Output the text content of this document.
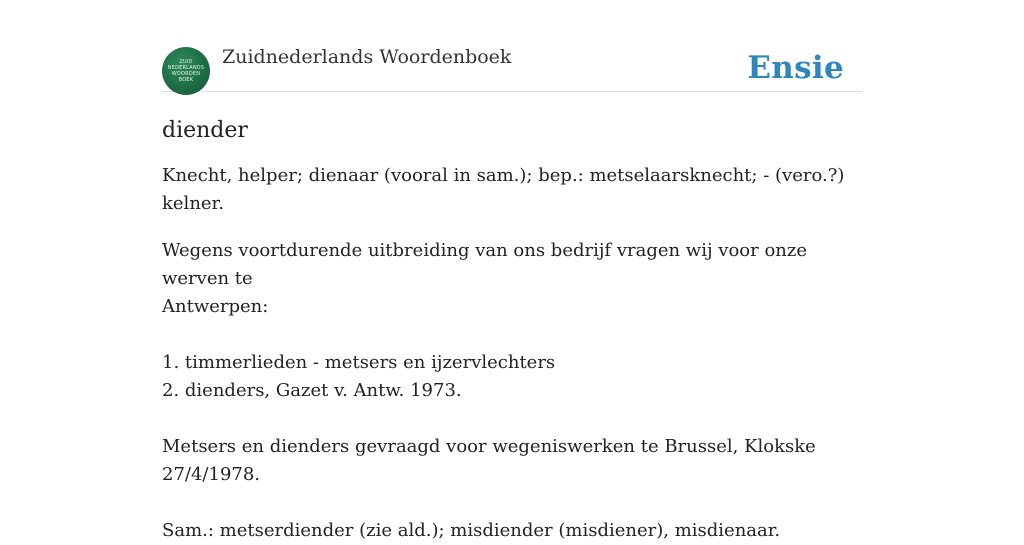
ZUID
NEDERLANDS
WOORDEN
BOEK
Zuidnederlands Woordenboek	Ensie
diender
Knecht, helper; dienaar (vooral in sam.); bep.: metselaarsknecht; - (vero.?) kelner.

Wegens voortdurende uitbreiding van ons bedrijf vragen wij voor onze werven te

Antwerpen:

1. timmerlieden - metsers en ijzervlechters

2. dienders, Gazet v. Antw. 1973.

Metsers en dienders gevraagd voor wegeniswerken te Brussel, Klokske 27/4/1978.

Sam.: metserdiender (zie ald.); misdiender (misdiener), misdienaar.
